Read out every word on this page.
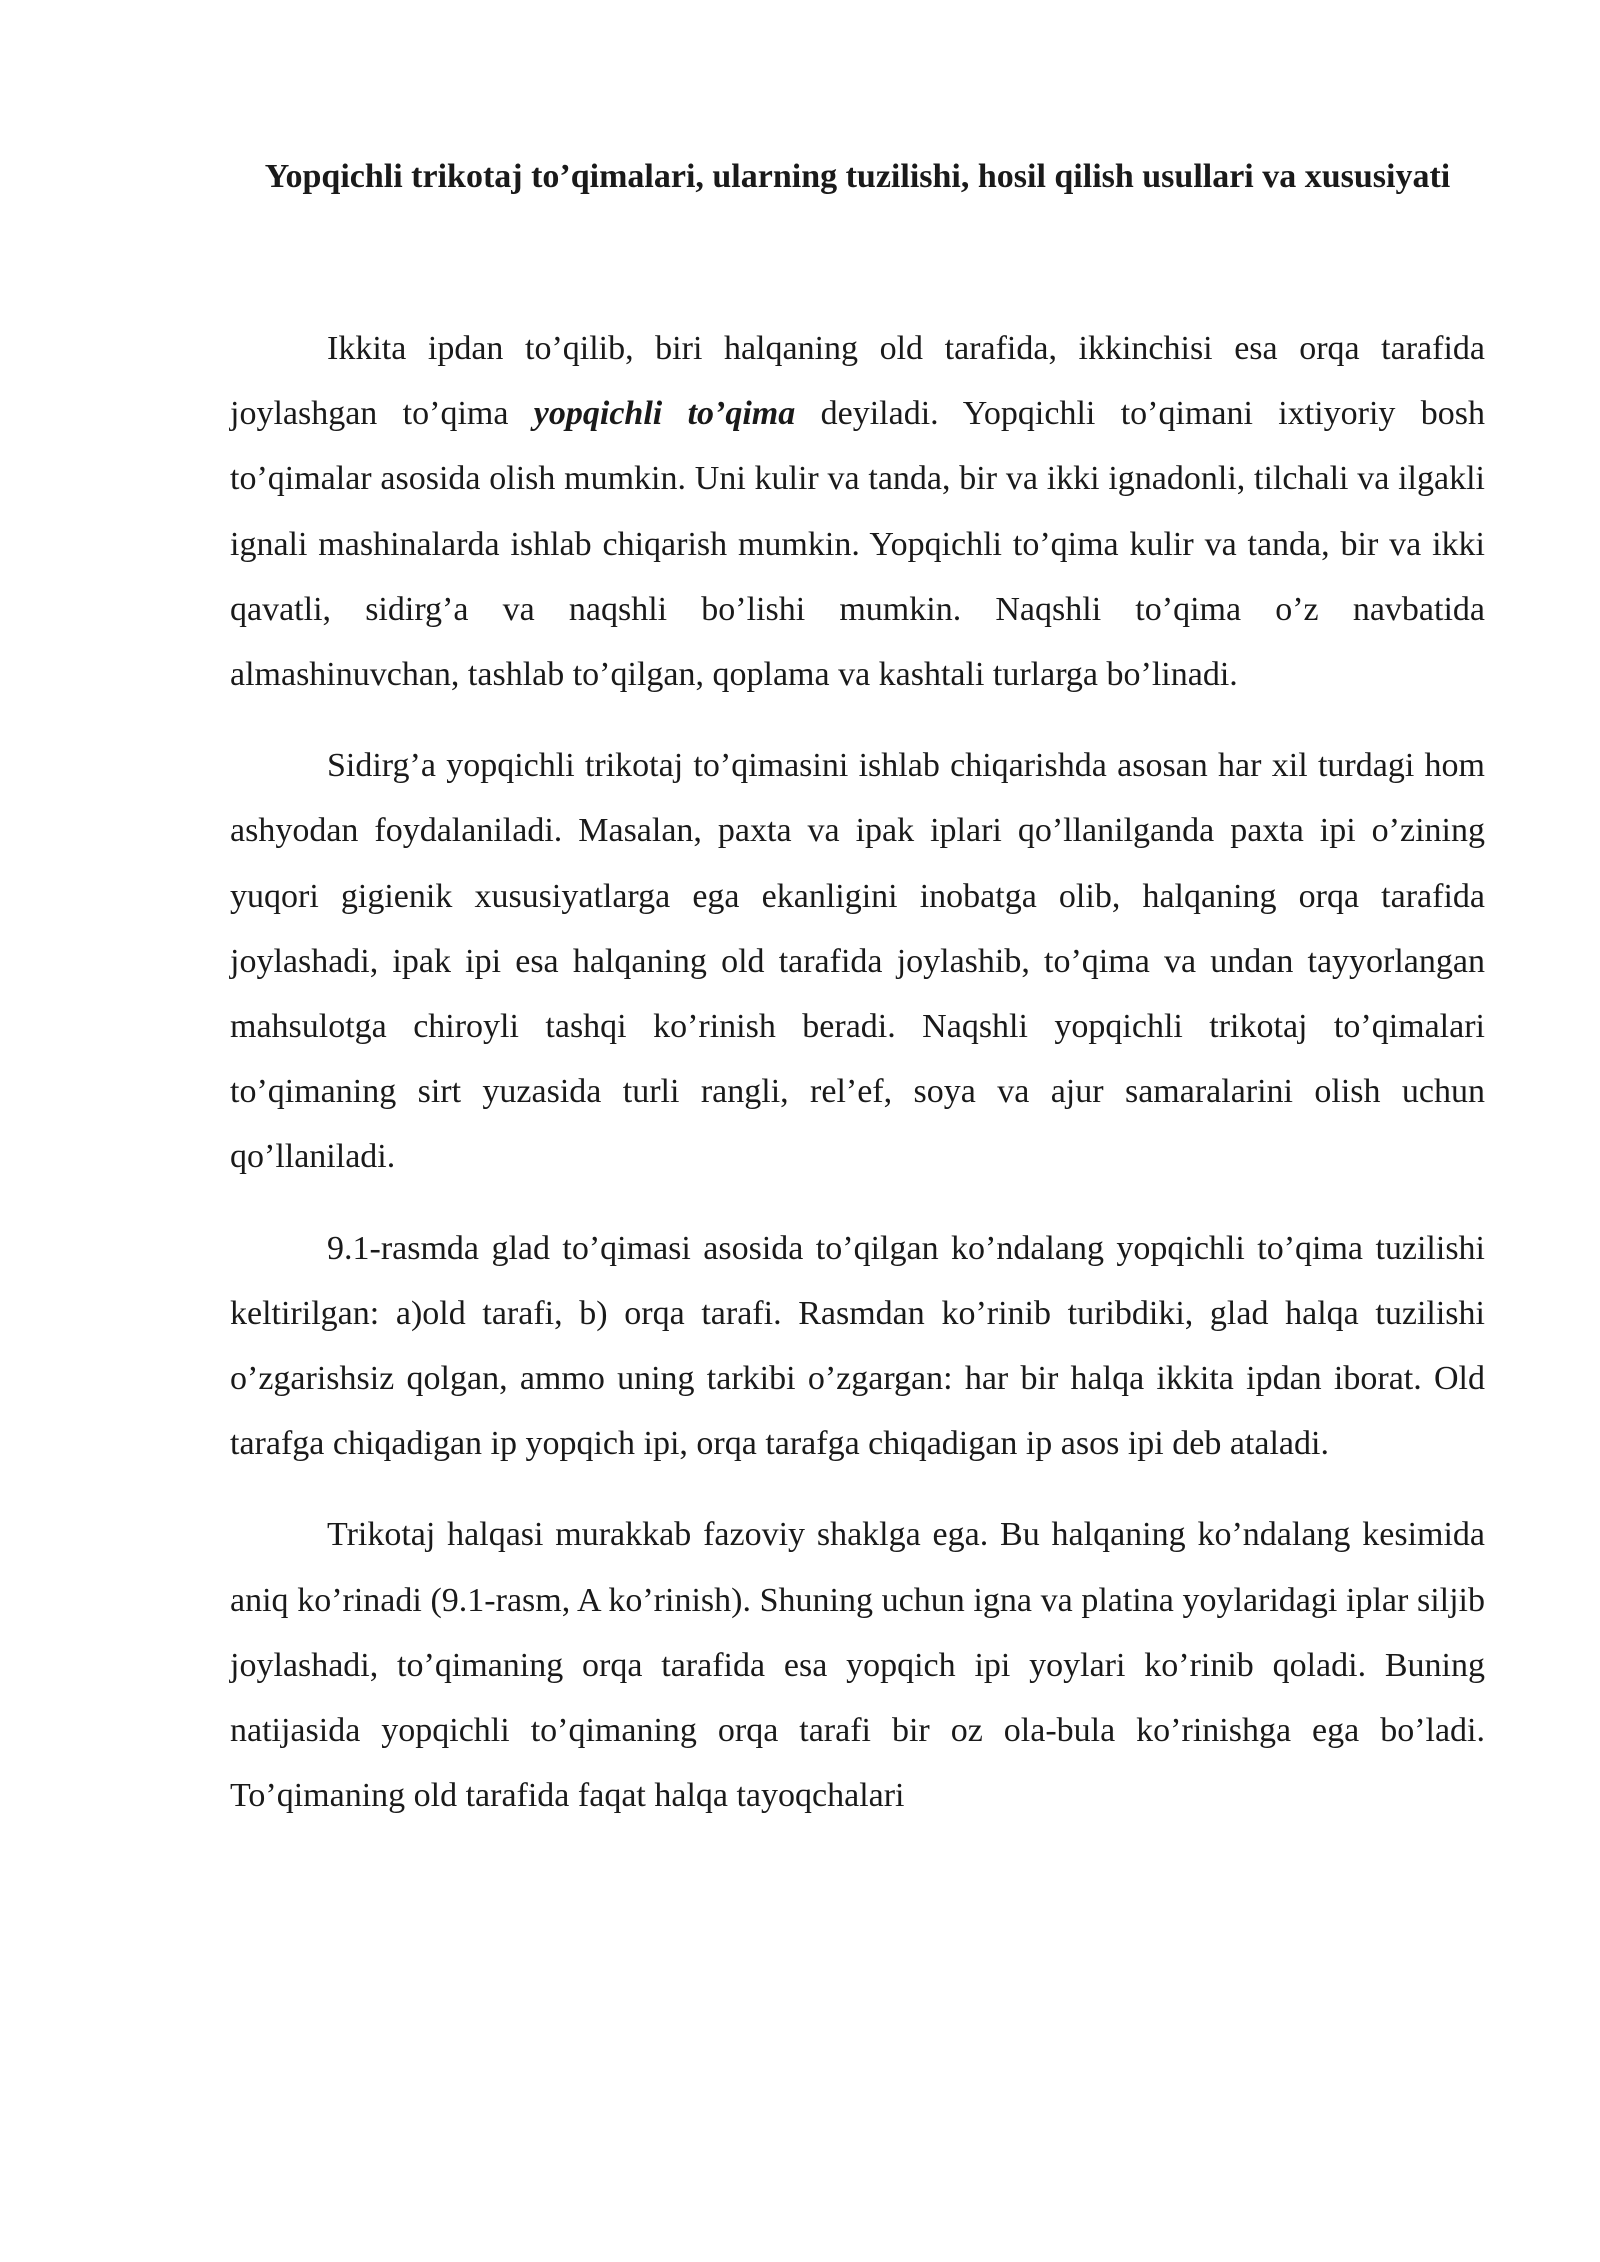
Yopqichli trikotaj to’qimalari, ularning tuzilishi, hosil qilish usullari va xususiyati

Ikkita ipdan to’qilib, biri halqaning old tarafida, ikkinchisi esa orqa tarafida joylashgan to’qima yopqichli to’qima deyiladi. Yopqichli to’qimani ixtiyoriy bosh to’qimalar asosida olish mumkin. Uni kulir va tanda, bir va ikki ignadonli, tilchali va ilgakli ignali mashinalarda ishlab chiqarish mumkin. Yopqichli to’qima kulir va tanda, bir va ikki qavatli, sidirg’a va naqshli bo’lishi mumkin. Naqshli to’qima o’z navbatida almashinuvchan, tashlab to’qilgan, qoplama va kashtali turlarga bo’linadi.

Sidirg’a yopqichli trikotaj to’qimasini ishlab chiqarishda asosan har xil turdagi hom ashyodan foydalaniladi. Masalan, paxta va ipak iplari qo’llanilganda paxta ipi o’zining yuqori gigienik xususiyatlarga ega ekanligini inobatga olib, halqaning orqa tarafida joylashadi, ipak ipi esa halqaning old tarafida joylashib, to’qima va undan tayyorlangan mahsulotga chiroyli tashqi ko’rinish beradi. Naqshli yopqichli trikotaj to’qimalari to’qimaning sirt yuzasida turli rangli, rel’ef, soya va ajur samaralarini olish uchun qo’llaniladi.

9.1-rasmda glad to’qimasi asosida to’qilgan ko’ndalang yopqichli to’qima tuzilishi keltirilgan: a)old tarafi, b) orqa tarafi. Rasmdan ko’rinib turibdiki, glad halqa tuzilishi o’zgarishsiz qolgan, ammo uning tarkibi o’zgargan: har bir halqa ikkita ipdan iborat. Old tarafga chiqadigan ip yopqich ipi, orqa tarafga chiqadigan ip asos ipi deb ataladi.

Trikotaj halqasi murakkab fazoviy shaklga ega. Bu halqaning ko’ndalang kesimida aniq ko’rinadi (9.1-rasm, A ko’rinish). Shuning uchun igna va platina yoylaridagi iplar siljib joylashadi, to’qimaning orqa tarafida esa yopqich ipi yoylari ko’rinib qoladi. Buning natijasida yopqichli to’qimaning orqa tarafi bir oz ola-bula ko’rinishga ega bo’ladi. To’qimaning old tarafida faqat halqa tayoqchalari
